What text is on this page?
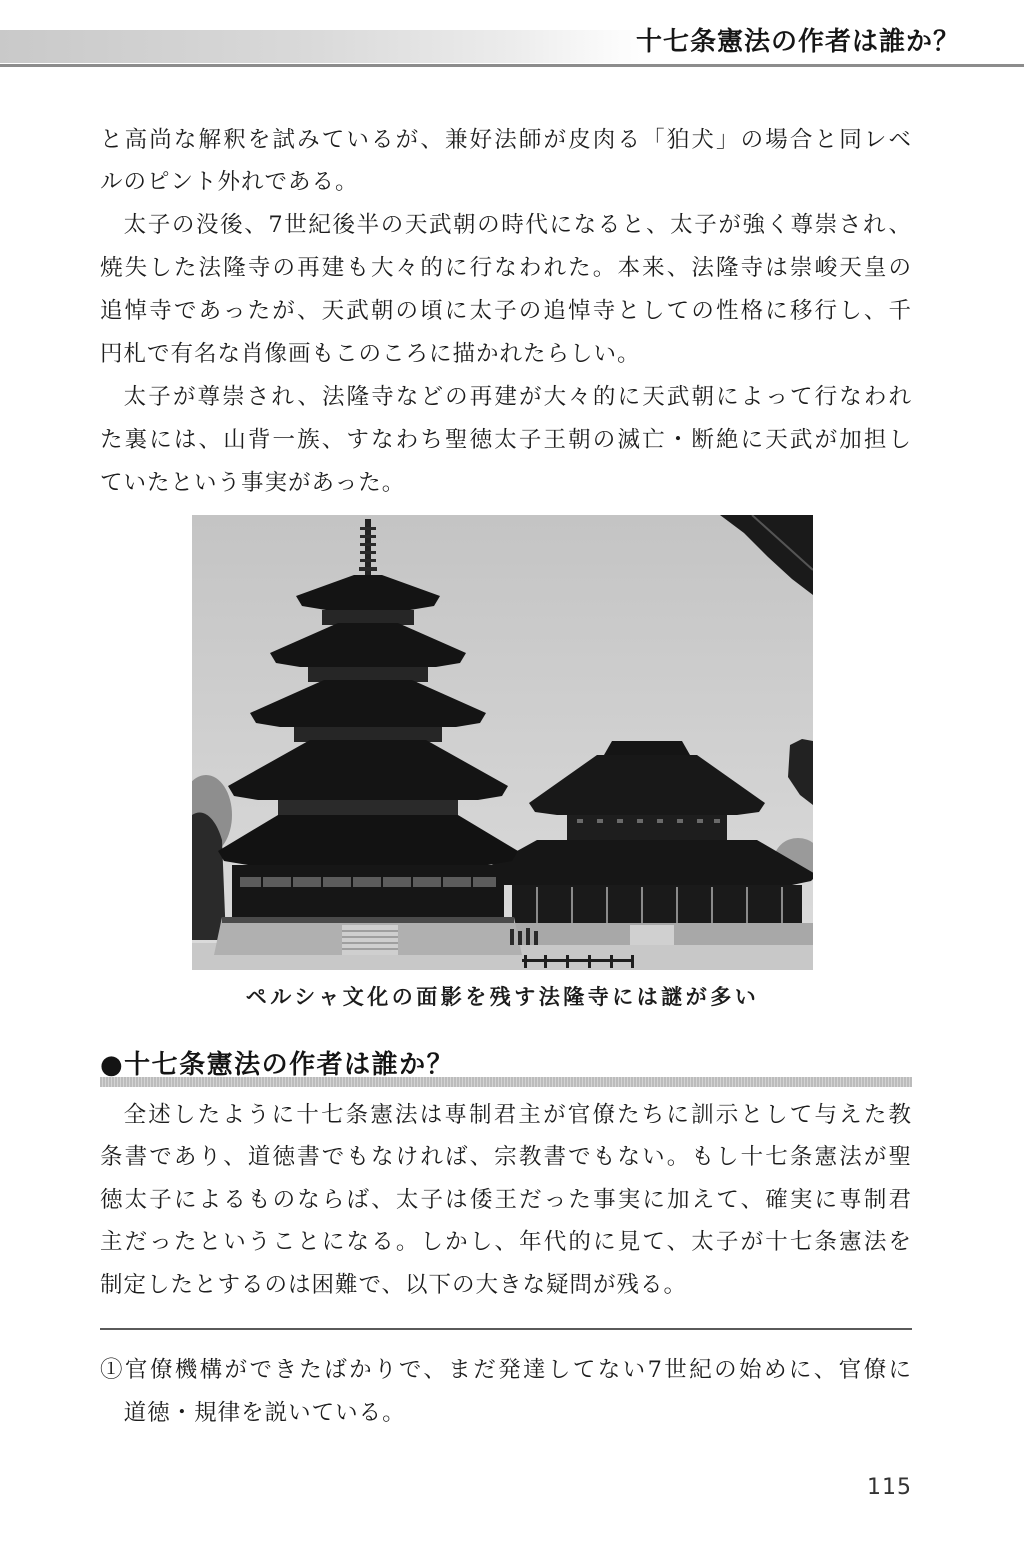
十七条憲法の作者は誰か？
と高尚な解釈を試みているが、兼好法師が皮肉る「狛犬」の場合と同レベ
ルのピント外れである。
太子の没後、7世紀後半の天武朝の時代になると、太子が強く尊崇され、
焼失した法隆寺の再建も大々的に行なわれた。本来、法隆寺は崇峻天皇の
追悼寺であったが、天武朝の頃に太子の追悼寺としての性格に移行し、千
円札で有名な肖像画もこのころに描かれたらしい。
太子が尊崇され、法隆寺などの再建が大々的に天武朝によって行なわれ
た裏には、山背一族、すなわち聖徳太子王朝の滅亡・断絶に天武が加担し
ていたという事実があった。
ペルシャ文化の面影を残す法隆寺には謎が多い
●十七条憲法の作者は誰か？
全述したように十七条憲法は専制君主が官僚たちに訓示として与えた教
条書であり、道徳書でもなければ、宗教書でもない。もし十七条憲法が聖
徳太子によるものならば、太子は倭王だった事実に加えて、確実に専制君
主だったということになる。しかし、年代的に見て、太子が十七条憲法を
制定したとするのは困難で、以下の大きな疑問が残る。
①官僚機構ができたばかりで、まだ発達してない7世紀の始めに、官僚に
道徳・規律を説いている。
115
